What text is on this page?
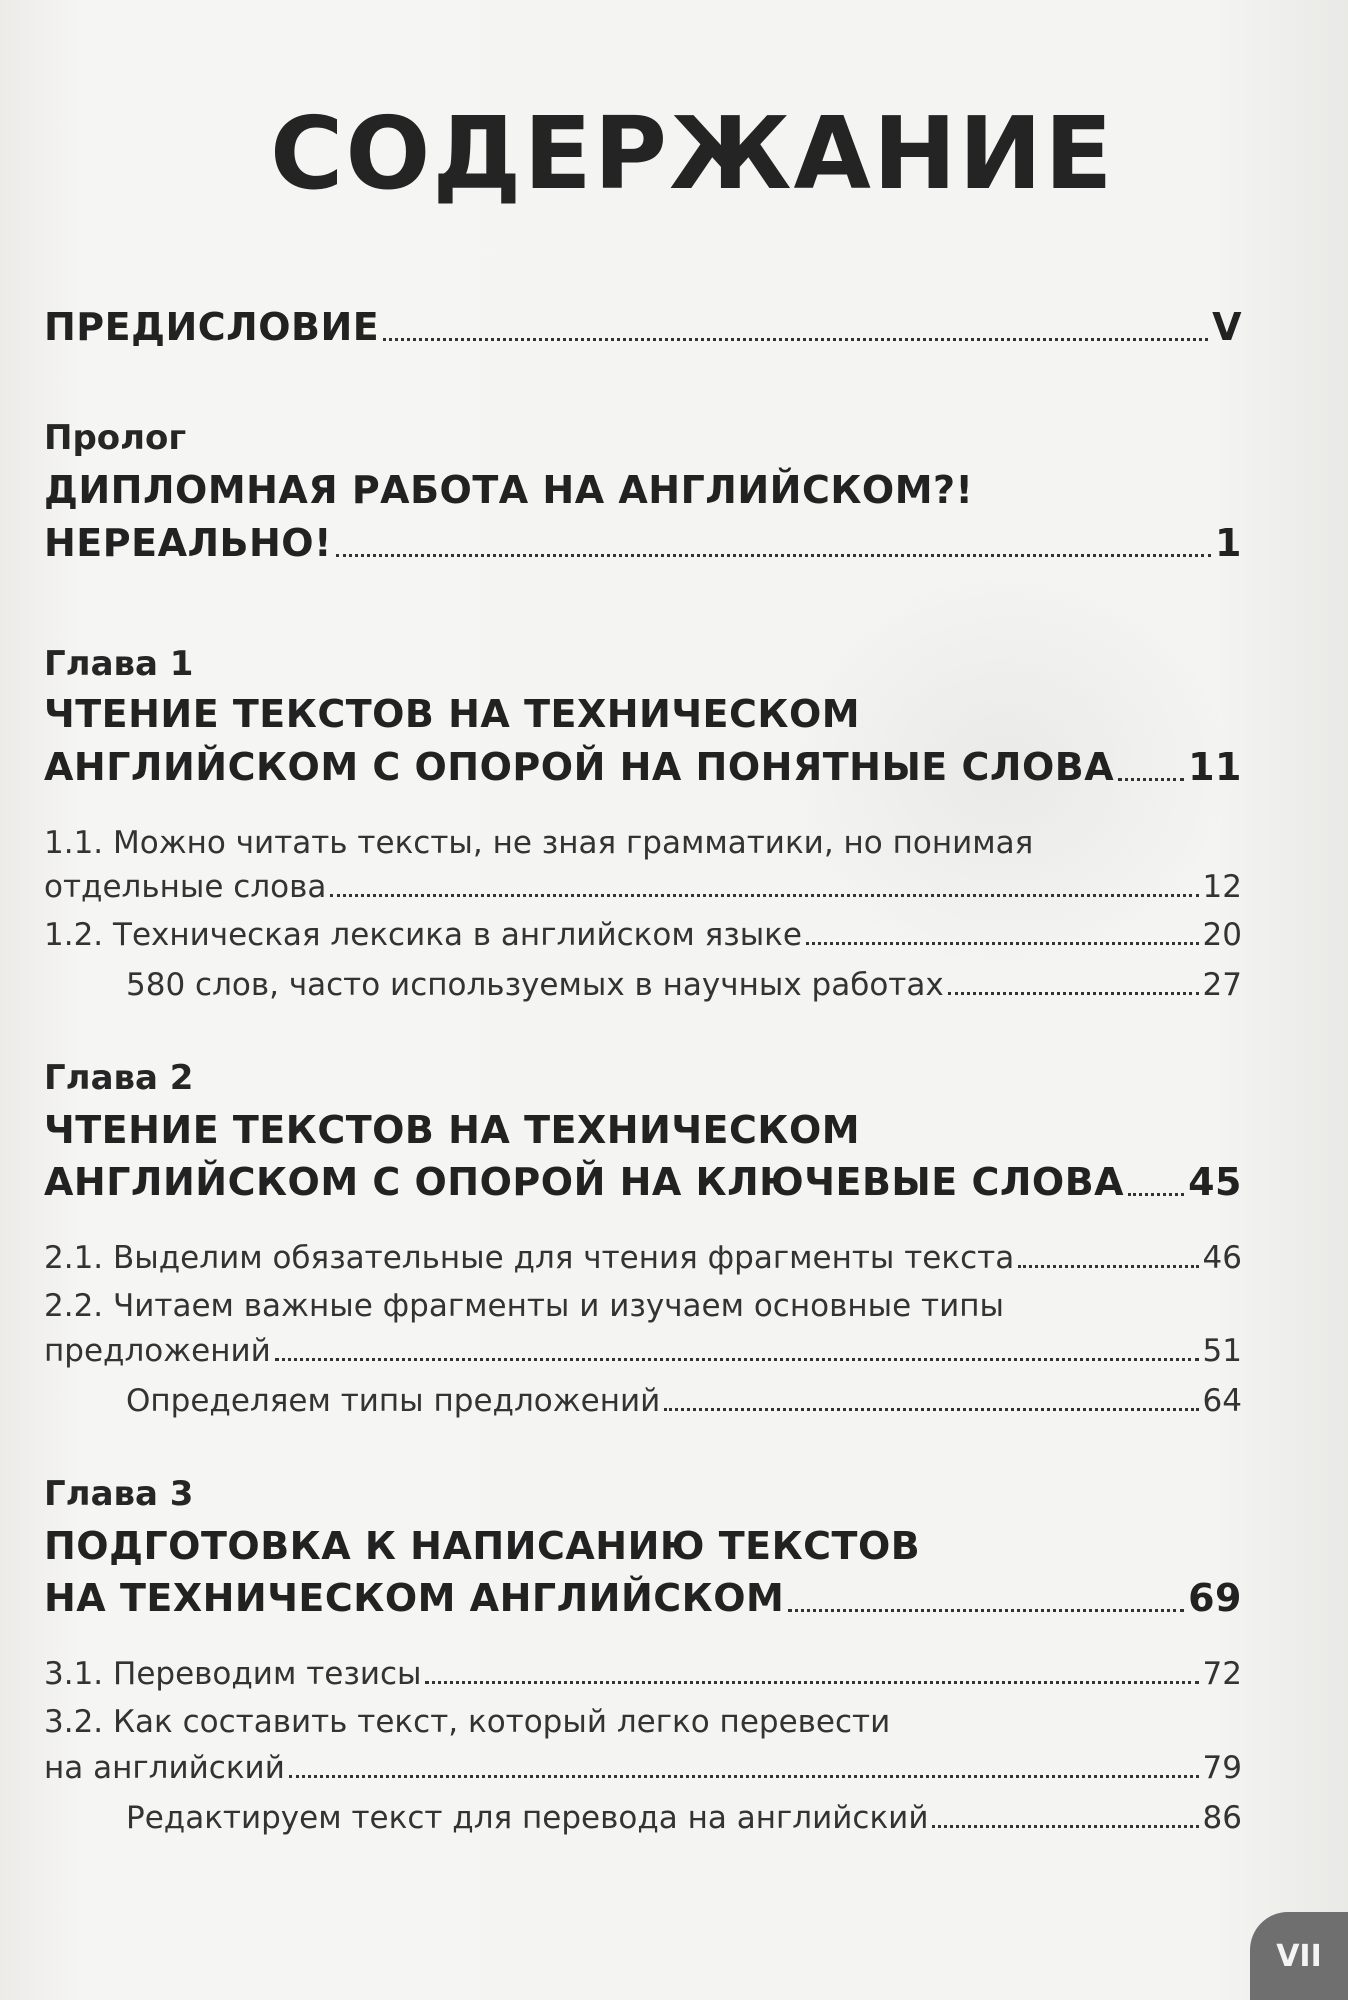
СОДЕРЖАНИЕ
ПРЕДИСЛОВИЕ	V
Пролог
ДИПЛОМНАЯ РАБОТА НА АНГЛИЙСКОМ?!
НЕРЕАЛЬНО!	1
Глава 1
ЧТЕНИЕ ТЕКСТОВ НА ТЕХНИЧЕСКОМ
АНГЛИЙСКОМ С ОПОРОЙ НА ПОНЯТНЫЕ СЛОВА 11
1.1. Можно читать тексты, не зная грамматики, но понимая
отдельные слова	12
1.2. Техническая лексика в английском языке	20
580 слов, часто используемых в научных работах	27
Глава 2
ЧТЕНИЕ ТЕКСТОВ НА ТЕХНИЧЕСКОМ
АНГЛИЙСКОМ С ОПОРОЙ НА КЛЮЧЕВЫЕ СЛОВА 45
2.1. Выделим обязательные для чтения фрагменты текста	46
2.2. Читаем важные фрагменты и изучаем основные типы
предложений	51
Определяем типы предложений	64
Глава 3
ПОДГОТОВКА К НАПИСАНИЮ ТЕКСТОВ
НА ТЕХНИЧЕСКОМ АНГЛИЙСКОМ	69
3.1. Переводим тезисы	72
3.2. Как составить текст, который легко перевести
на английский	79
Редактируем текст для перевода на английский	86
VII
